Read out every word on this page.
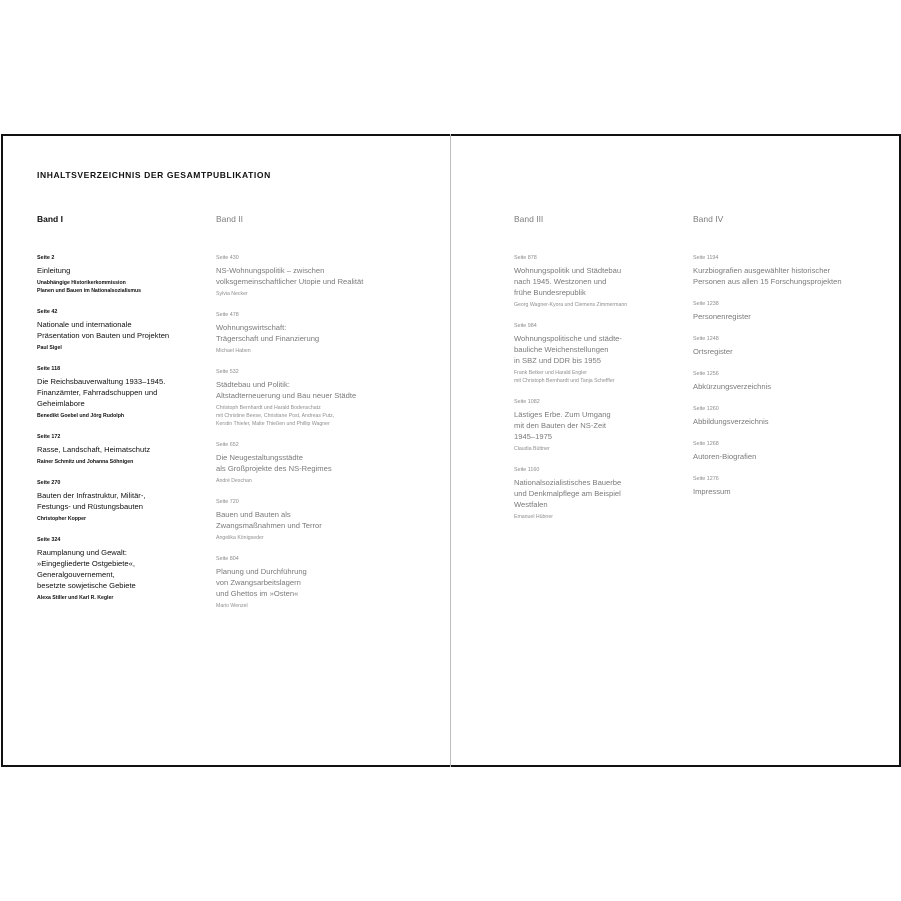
INHALTSVERZEICHNIS DER GESAMTPUBLIKATION
Band I
Seite 2
Einleitung
Unabhängige Historikerkommission
Planen und Bauen im Nationalsozialismus
Seite 42
Nationale und internationale
Präsentation von Bauten und Projekten
Paul Sigel
Seite 118
Die Reichsbauverwaltung 1933–1945.
Finanzämter, Fahrradschuppen und
Geheimlabore
Benedikt Goebel und Jörg Rudolph
Seite 172
Rasse, Landschaft, Heimatschutz
Rainer Schmitz und Johanna Söhnigen
Seite 270
Bauten der Infrastruktur, Militär-,
Festungs- und Rüstungsbauten
Christopher Kopper
Seite 324
Raumplanung und Gewalt:
»Eingegliederte Ostgebiete«,
Generalgouvernement,
besetzte sowjetische Gebiete
Alexa Stiller und Karl R. Kegler
Band II
Seite 430
NS-Wohnungspolitik – zwischen
volksgemeinschaftlicher Utopie und Realität
Sylvia Necker
Seite 478
Wohnungswirtschaft:
Trägerschaft und Finanzierung
Michael Haben
Seite 532
Städtebau und Politik:
Altstadterneuerung und Bau neuer Städte
Christoph Bernhardt und Harald Bodenschatz
mit Christine Beese, Christiane Post, Andreas Putz,
Kerstin Thieler, Malte Thießen und Phillip Wagner
Seite 652
Die Neugestaltungsstädte
als Großprojekte des NS-Regimes
André Deschan
Seite 720
Bauen und Bauten als
Zwangsmaßnahmen und Terror
Angelika Königseder
Seite 804
Planung und Durchführung
von Zwangsarbeitslagern
und Ghettos im »Osten«
Mario Wenzel
Band III
Seite 878
Wohnungspolitik und Städtebau
nach 1945. Westzonen und
frühe Bundesrepublik
Georg Wagner-Kyora und Clemens Zimmermann
Seite 984
Wohnungspolitische und städte-
bauliche Weichenstellungen
in SBZ und DDR bis 1955
Frank Betker und Harald Engler
mit Christoph Bernhardt und Tanja Scheffler
Seite 1082
Lästiges Erbe. Zum Umgang
mit den Bauten der NS-Zeit
1945–1975
Claudia Büttner
Seite 1160
Nationalsozialistisches Bauerbe
und Denkmalpflege am Beispiel
Westfalen
Emanuel Hübner
Band IV
Seite 1194
Kurzbiografien ausgewählter historischer
Personen aus allen 15 Forschungsprojekten
Seite 1238
Personenregister
Seite 1248
Ortsregister
Seite 1256
Abkürzungsverzeichnis
Seite 1260
Abbildungsverzeichnis
Seite 1268
Autoren-Biografien
Seite 1276
Impressum
